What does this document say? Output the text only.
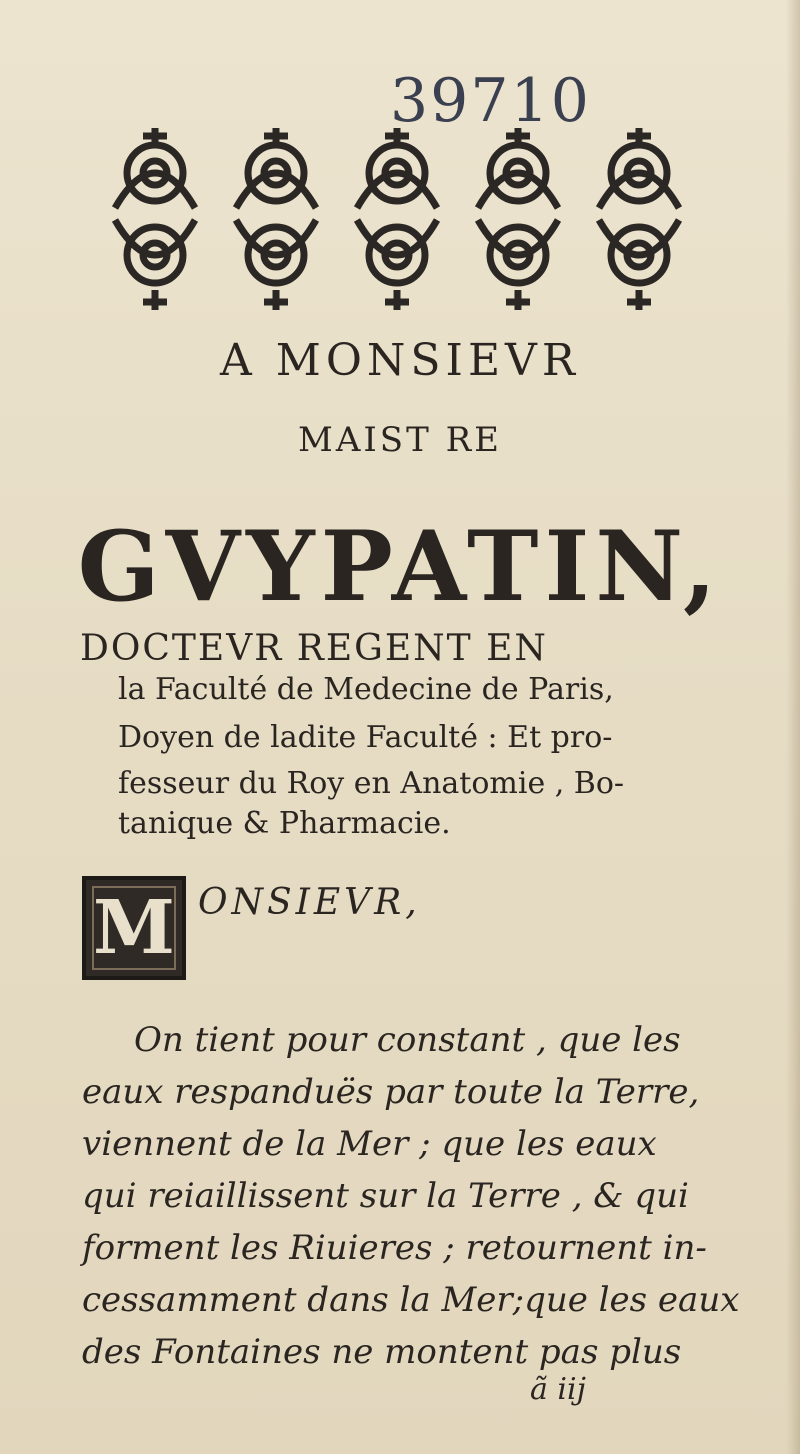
39710
A MONSIEVR
MAIST RE
GVYPATIN,
DOCTEVR REGENT EN
la Faculté de Medecine de Paris,
Doyen de ladite Faculté : Et pro-
fesseur du Roy en Anatomie , Bo-
tanique & Pharmacie.
M ONSIEVR,
On tient pour constant , que les
eaux respanduës par toute la Terre,
viennent de la Mer ; que les eaux
qui reiaillissent sur la Terre , & qui
forment les Riuieres ; retournent in-
cessamment dans la Mer;que les eaux
des Fontaines ne montent pas plus
ã iij
